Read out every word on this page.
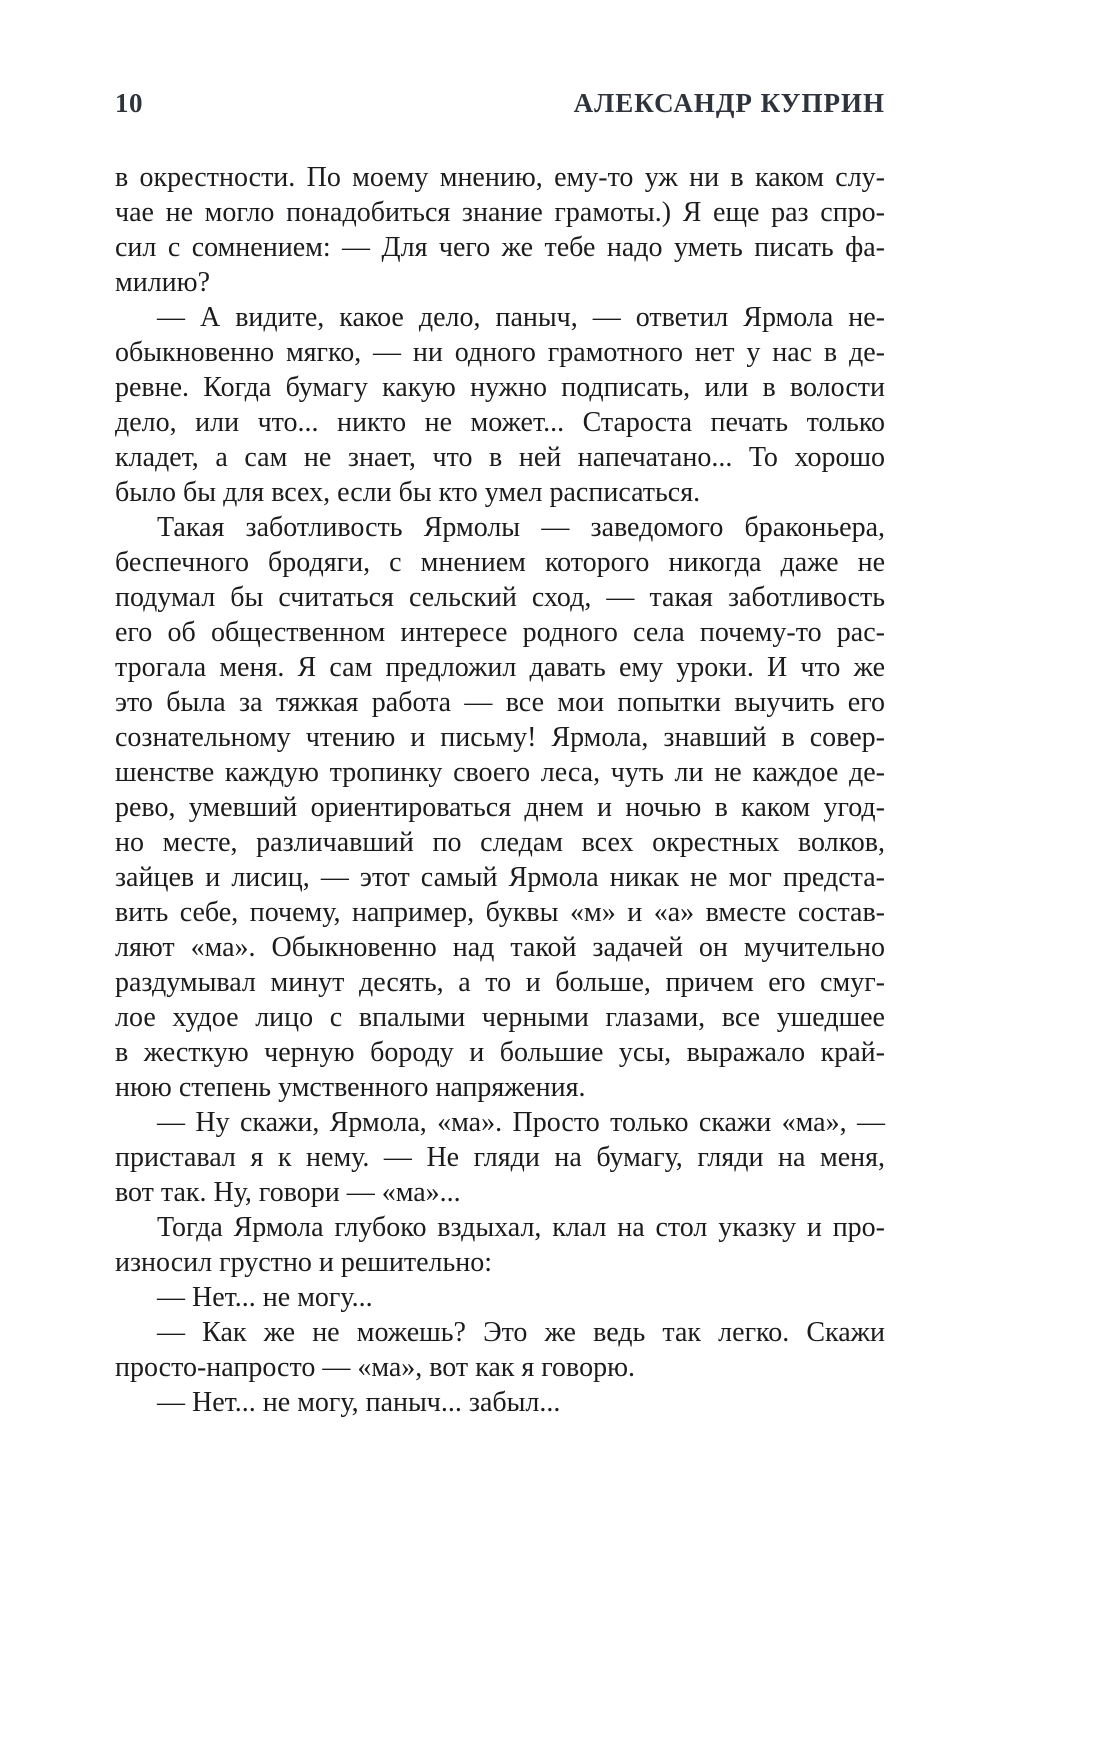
10	АЛЕКСАНДР КУПРИН
в окрестности. По моему мнению, ему-то уж ни в каком слу-
чае не могло понадобиться знание грамоты.) Я еще раз спро-
сил с сомнением: — Для чего же тебе надо уметь писать фа-
милию?
— А видите, какое дело, паныч, — ответил Ярмола не-
обыкновенно мягко, — ни одного грамотного нет у нас в де-
ревне. Когда бумагу какую нужно подписать, или в волости
дело, или что... никто не может... Староста печать только
кладет, а сам не знает, что в ней напечатано... То хорошо
было бы для всех, если бы кто умел расписаться.
Такая заботливость Ярмолы — заведомого браконьера,
беспечного бродяги, с мнением которого никогда даже не
подумал бы считаться сельский сход, — такая заботливость
его об общественном интересе родного села почему-то рас-
трогала меня. Я сам предложил давать ему уроки. И что же
это была за тяжкая работа — все мои попытки выучить его
сознательному чтению и письму! Ярмола, знавший в совер-
шенстве каждую тропинку своего леса, чуть ли не каждое де-
рево, умевший ориентироваться днем и ночью в каком угод-
но месте, различавший по следам всех окрестных волков,
зайцев и лисиц, — этот самый Ярмола никак не мог предста-
вить себе, почему, например, буквы «м» и «а» вместе состав-
ляют «ма». Обыкновенно над такой задачей он мучительно
раздумывал минут десять, а то и больше, причем его смуг-
лое худое лицо с впалыми черными глазами, все ушедшее
в жесткую черную бороду и большие усы, выражало край-
нюю степень умственного напряжения.
— Ну скажи, Ярмола, «ма». Просто только скажи «ма», —
приставал я к нему. — Не гляди на бумагу, гляди на меня,
вот так. Ну, говори — «ма»...
Тогда Ярмола глубоко вздыхал, клал на стол указку и про-
износил грустно и решительно:
— Нет... не могу...
— Как же не можешь? Это же ведь так легко. Скажи
просто-напросто — «ма», вот как я говорю.
— Нет... не могу, паныч... забыл...
